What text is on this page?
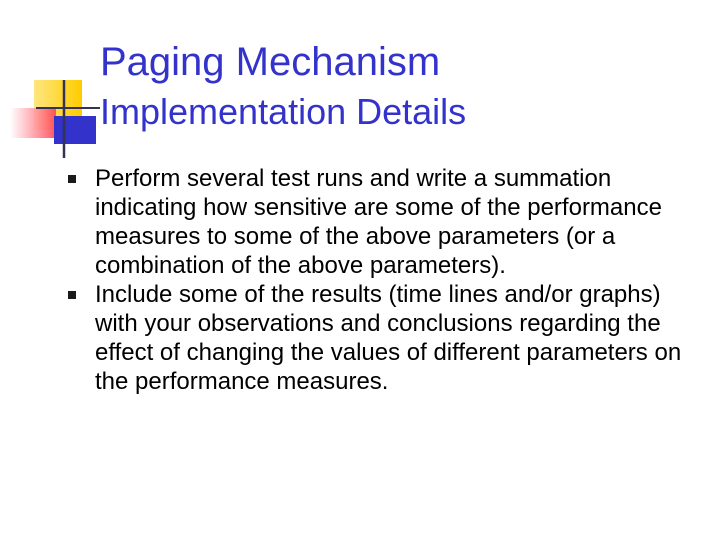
Paging Mechanism
Implementation Details
Perform several test runs and write a summation indicating how sensitive are some of the performance measures to some of the above parameters (or a combination of the above parameters).
Include some of the results (time lines and/or graphs) with your observations and conclusions regarding the effect of changing the values of different parameters on the performance measures.
